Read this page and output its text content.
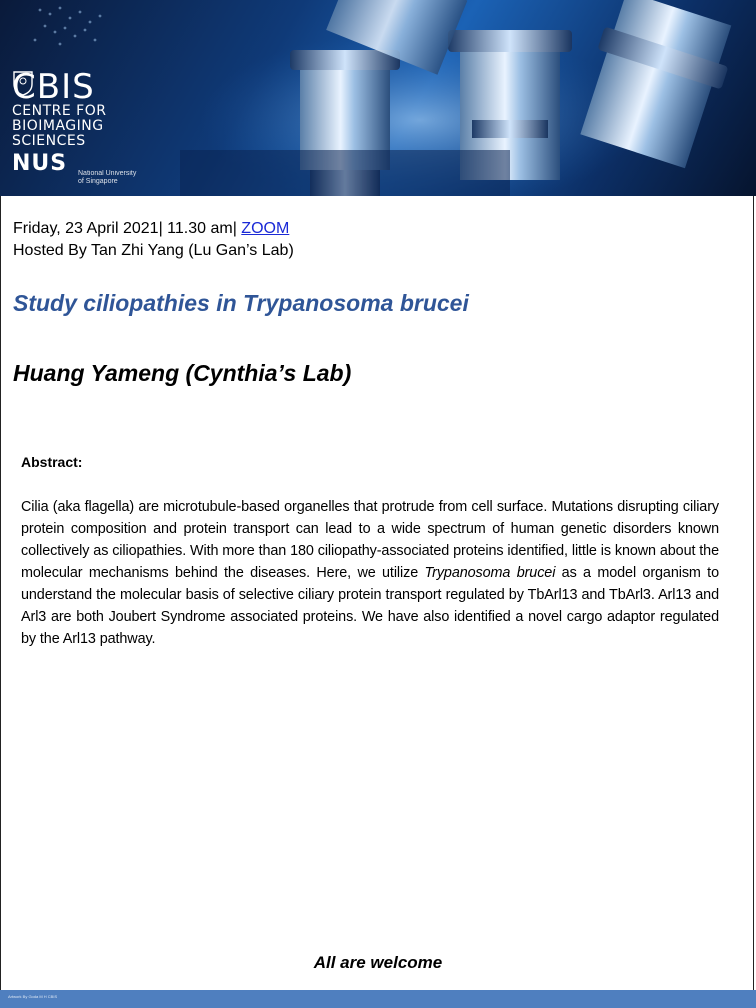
CBIS
CENTRE FOR
BIOIMAGING
SCIENCES
NUS National University of Singapore
Friday, 23 April 2021| 11.30 am| ZOOM
Hosted By Tan Zhi Yang (Lu Gan’s Lab)
Study ciliopathies in Trypanosoma brucei
Huang Yameng (Cynthia’s Lab)
Abstract:
Cilia (aka flagella) are microtubule-based organelles that protrude from cell surface. Mutations disrupting ciliary protein composition and protein transport can lead to a wide spectrum of human genetic disorders known collectively as ciliopathies. With more than 180 ciliopathy-associated proteins identified, little is known about the molecular mechanisms behind the diseases. Here, we utilize Trypanosoma brucei as a model organism to understand the molecular basis of selective ciliary protein transport regulated by TbArl13 and TbArl3. Arl13 and Arl3 are both Joubert Syndrome associated proteins. We have also identified a novel cargo adaptor regulated by the Arl13 pathway.
All are welcome
Artwork By Goda M H CBIS
